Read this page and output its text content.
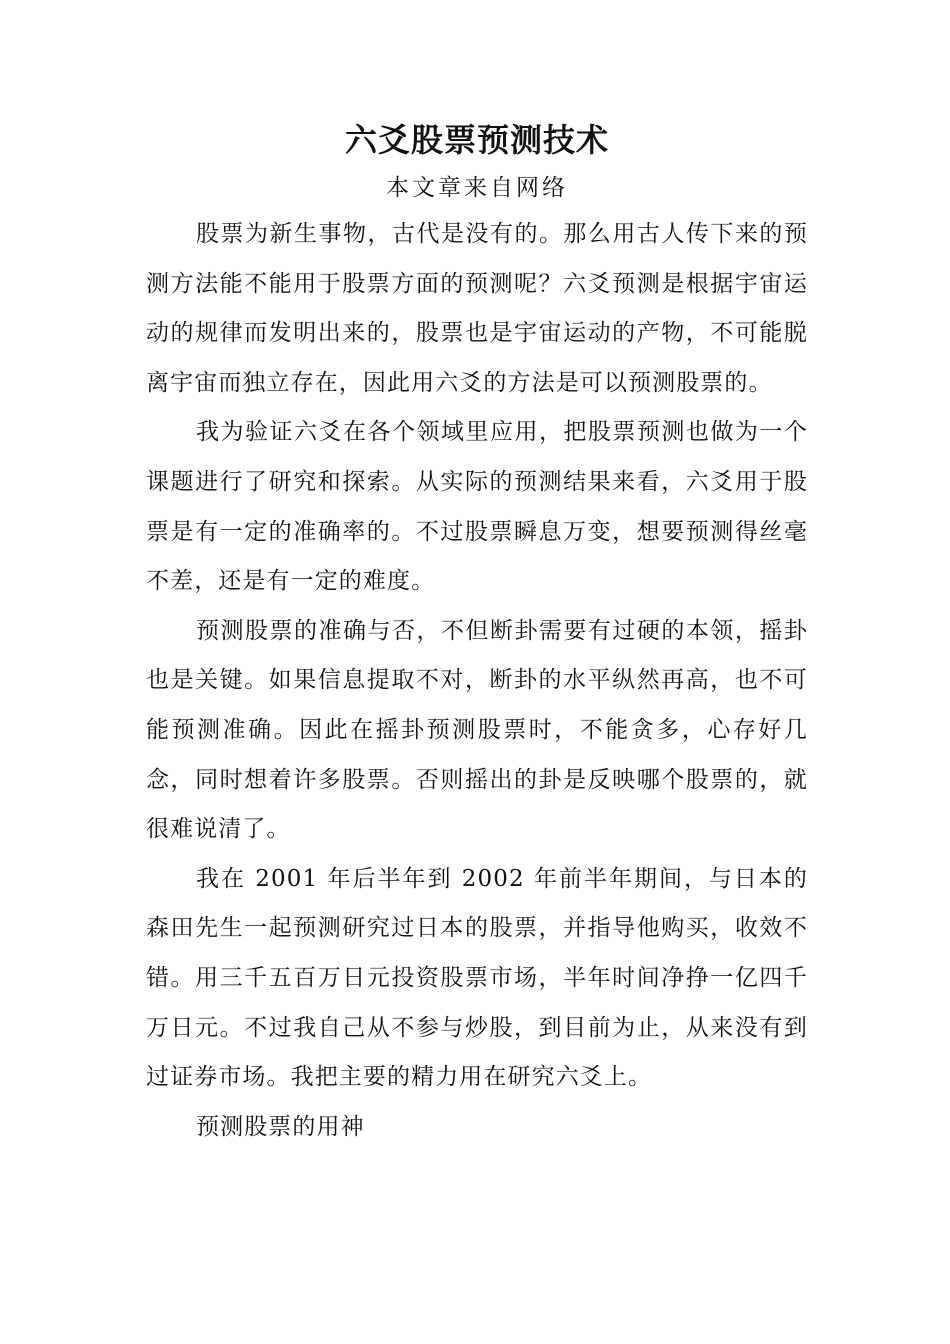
六爻股票预测技术

本文章来自网络

股票为新生事物，古代是没有的。那么用古人传下来的预测方法能不能用于股票方面的预测呢？六爻预测是根据宇宙运动的规律而发明出来的，股票也是宇宙运动的产物，不可能脱离宇宙而独立存在，因此用六爻的方法是可以预测股票的。

我为验证六爻在各个领域里应用，把股票预测也做为一个课题进行了研究和探索。从实际的预测结果来看，六爻用于股票是有一定的准确率的。不过股票瞬息万变，想要预测得丝毫不差，还是有一定的难度。

预测股票的准确与否，不但断卦需要有过硬的本领，摇卦也是关键。如果信息提取不对，断卦的水平纵然再高，也不可能预测准确。因此在摇卦预测股票时，不能贪多，心存好几念，同时想着许多股票。否则摇出的卦是反映哪个股票的，就很难说清了。

我在 2001 年后半年到 2002 年前半年期间，与日本的森田先生一起预测研究过日本的股票，并指导他购买，收效不错。用三千五百万日元投资股票市场，半年时间净挣一亿四千万日元。不过我自己从不参与炒股，到目前为止，从来没有到过证券市场。我把主要的精力用在研究六爻上。

预测股票的用神
